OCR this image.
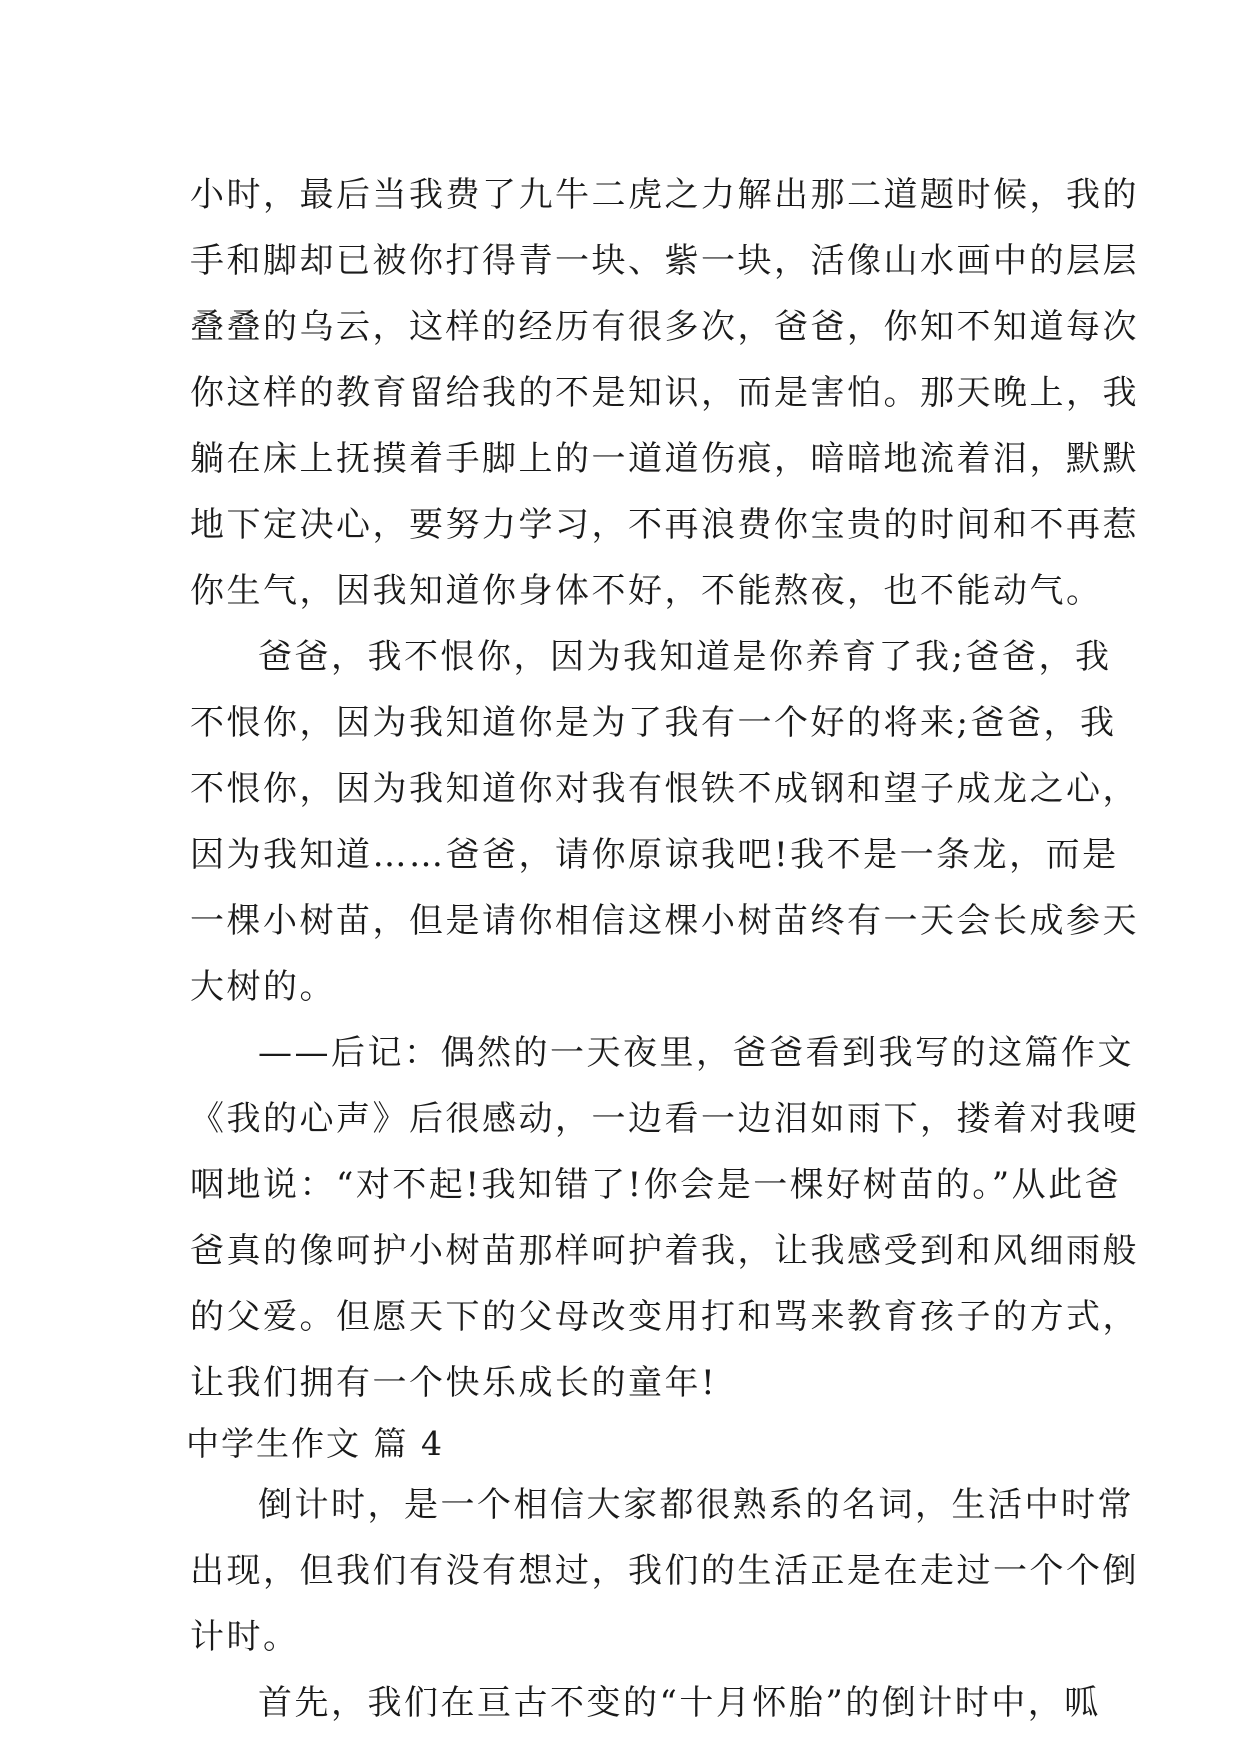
小时，最后当我费了九牛二虎之力解出那二道题时候，我的
手和脚却已被你打得青一块、紫一块，活像山水画中的层层
叠叠的乌云，这样的经历有很多次，爸爸，你知不知道每次
你这样的教育留给我的不是知识，而是害怕。那天晚上，我
躺在床上抚摸着手脚上的一道道伤痕，暗暗地流着泪，默默
地下定决心，要努力学习，不再浪费你宝贵的时间和不再惹
你生气，因我知道你身体不好，不能熬夜，也不能动气。
爸爸，我不恨你，因为我知道是你养育了我;爸爸，我
不恨你，因为我知道你是为了我有一个好的将来;爸爸，我
不恨你，因为我知道你对我有恨铁不成钢和望子成龙之心，
因为我知道……爸爸，请你原谅我吧!我不是一条龙，而是
一棵小树苗，但是请你相信这棵小树苗终有一天会长成参天
大树的。
——后记：偶然的一天夜里，爸爸看到我写的这篇作文
《我的心声》后很感动，一边看一边泪如雨下，搂着对我哽
咽地说：“对不起!我知错了!你会是一棵好树苗的。”从此爸
爸真的像呵护小树苗那样呵护着我，让我感受到和风细雨般
的父爱。但愿天下的父母改变用打和骂来教育孩子的方式，
让我们拥有一个快乐成长的童年!
中学生作文 篇 4
倒计时，是一个相信大家都很熟系的名词，生活中时常
出现，但我们有没有想过，我们的生活正是在走过一个个倒
计时。
首先，我们在亘古不变的“十月怀胎”的倒计时中，呱
